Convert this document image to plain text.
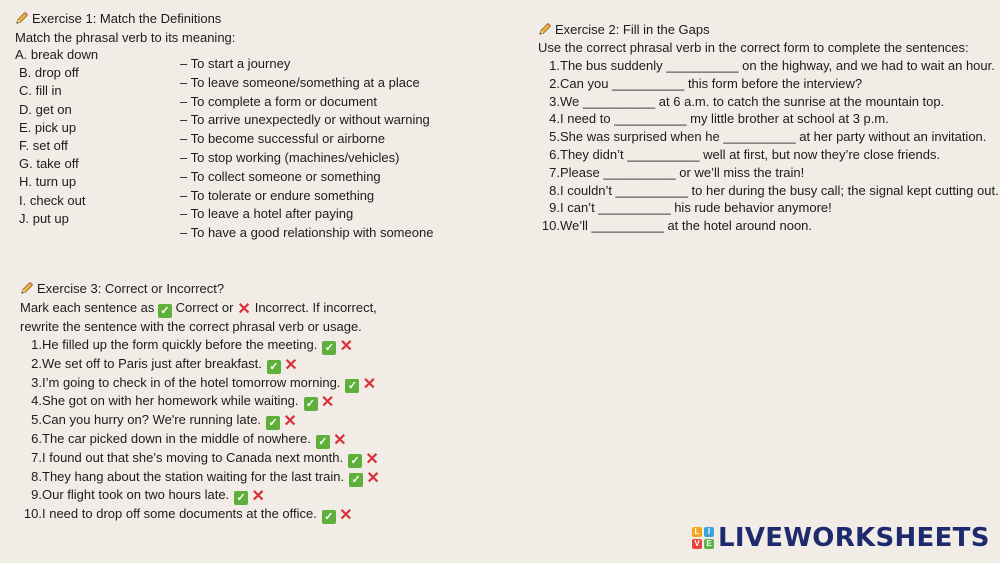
Exercise 1: Match the Definitions
Match the phrasal verb to its meaning:
A. break down
B. drop off
C. fill in
D. get on
E. pick up
F. set off
G. take off
H. turn up
I. check out
J. put up
– To start a journey
– To leave someone/something at a place
– To complete a form or document
– To arrive unexpectedly or without warning
– To become successful or airborne
– To stop working (machines/vehicles)
– To collect someone or something
– To tolerate or endure something
– To leave a hotel after paying
– To have a good relationship with someone
Exercise 2: Fill in the Gaps
Use the correct phrasal verb in the correct form to complete the sentences:
1.The bus suddenly __________ on the highway, and we had to wait an hour.
2.Can you __________ this form before the interview?
3.We __________ at 6 a.m. to catch the sunrise at the mountain top.
4.I need to __________ my little brother at school at 3 p.m.
5.She was surprised when he __________ at her party without an invitation.
6.They didn’t __________ well at first, but now they’re close friends.
7.Please __________ or we’ll miss the train!
8.I couldn’t __________ to her during the busy call; the signal kept cutting out.
9.I can’t __________ his rude behavior anymore!
10.We’ll __________ at the hotel around noon.
Exercise 3: Correct or Incorrect?
Mark each sentence as ✓ Correct or ✕ Incorrect. If incorrect,
rewrite the sentence with the correct phrasal verb or usage.
1.He filled up the form quickly before the meeting. ✓ ✕
2.We set off to Paris just after breakfast. ✓ ✕
3.I’m going to check in of the hotel tomorrow morning. ✓ ✕
4.She got on with her homework while waiting. ✓ ✕
5.Can you hurry on? We're running late. ✓ ✕
6.The car picked down in the middle of nowhere. ✓ ✕
7.I found out that she’s moving to Canada next month. ✓ ✕
8.They hang about the station waiting for the last train. ✓ ✕
9.Our flight took on two hours late. ✓ ✕
10.I need to drop off some documents at the office. ✓ ✕
L	I
V E LIVEWORKSHEETS
